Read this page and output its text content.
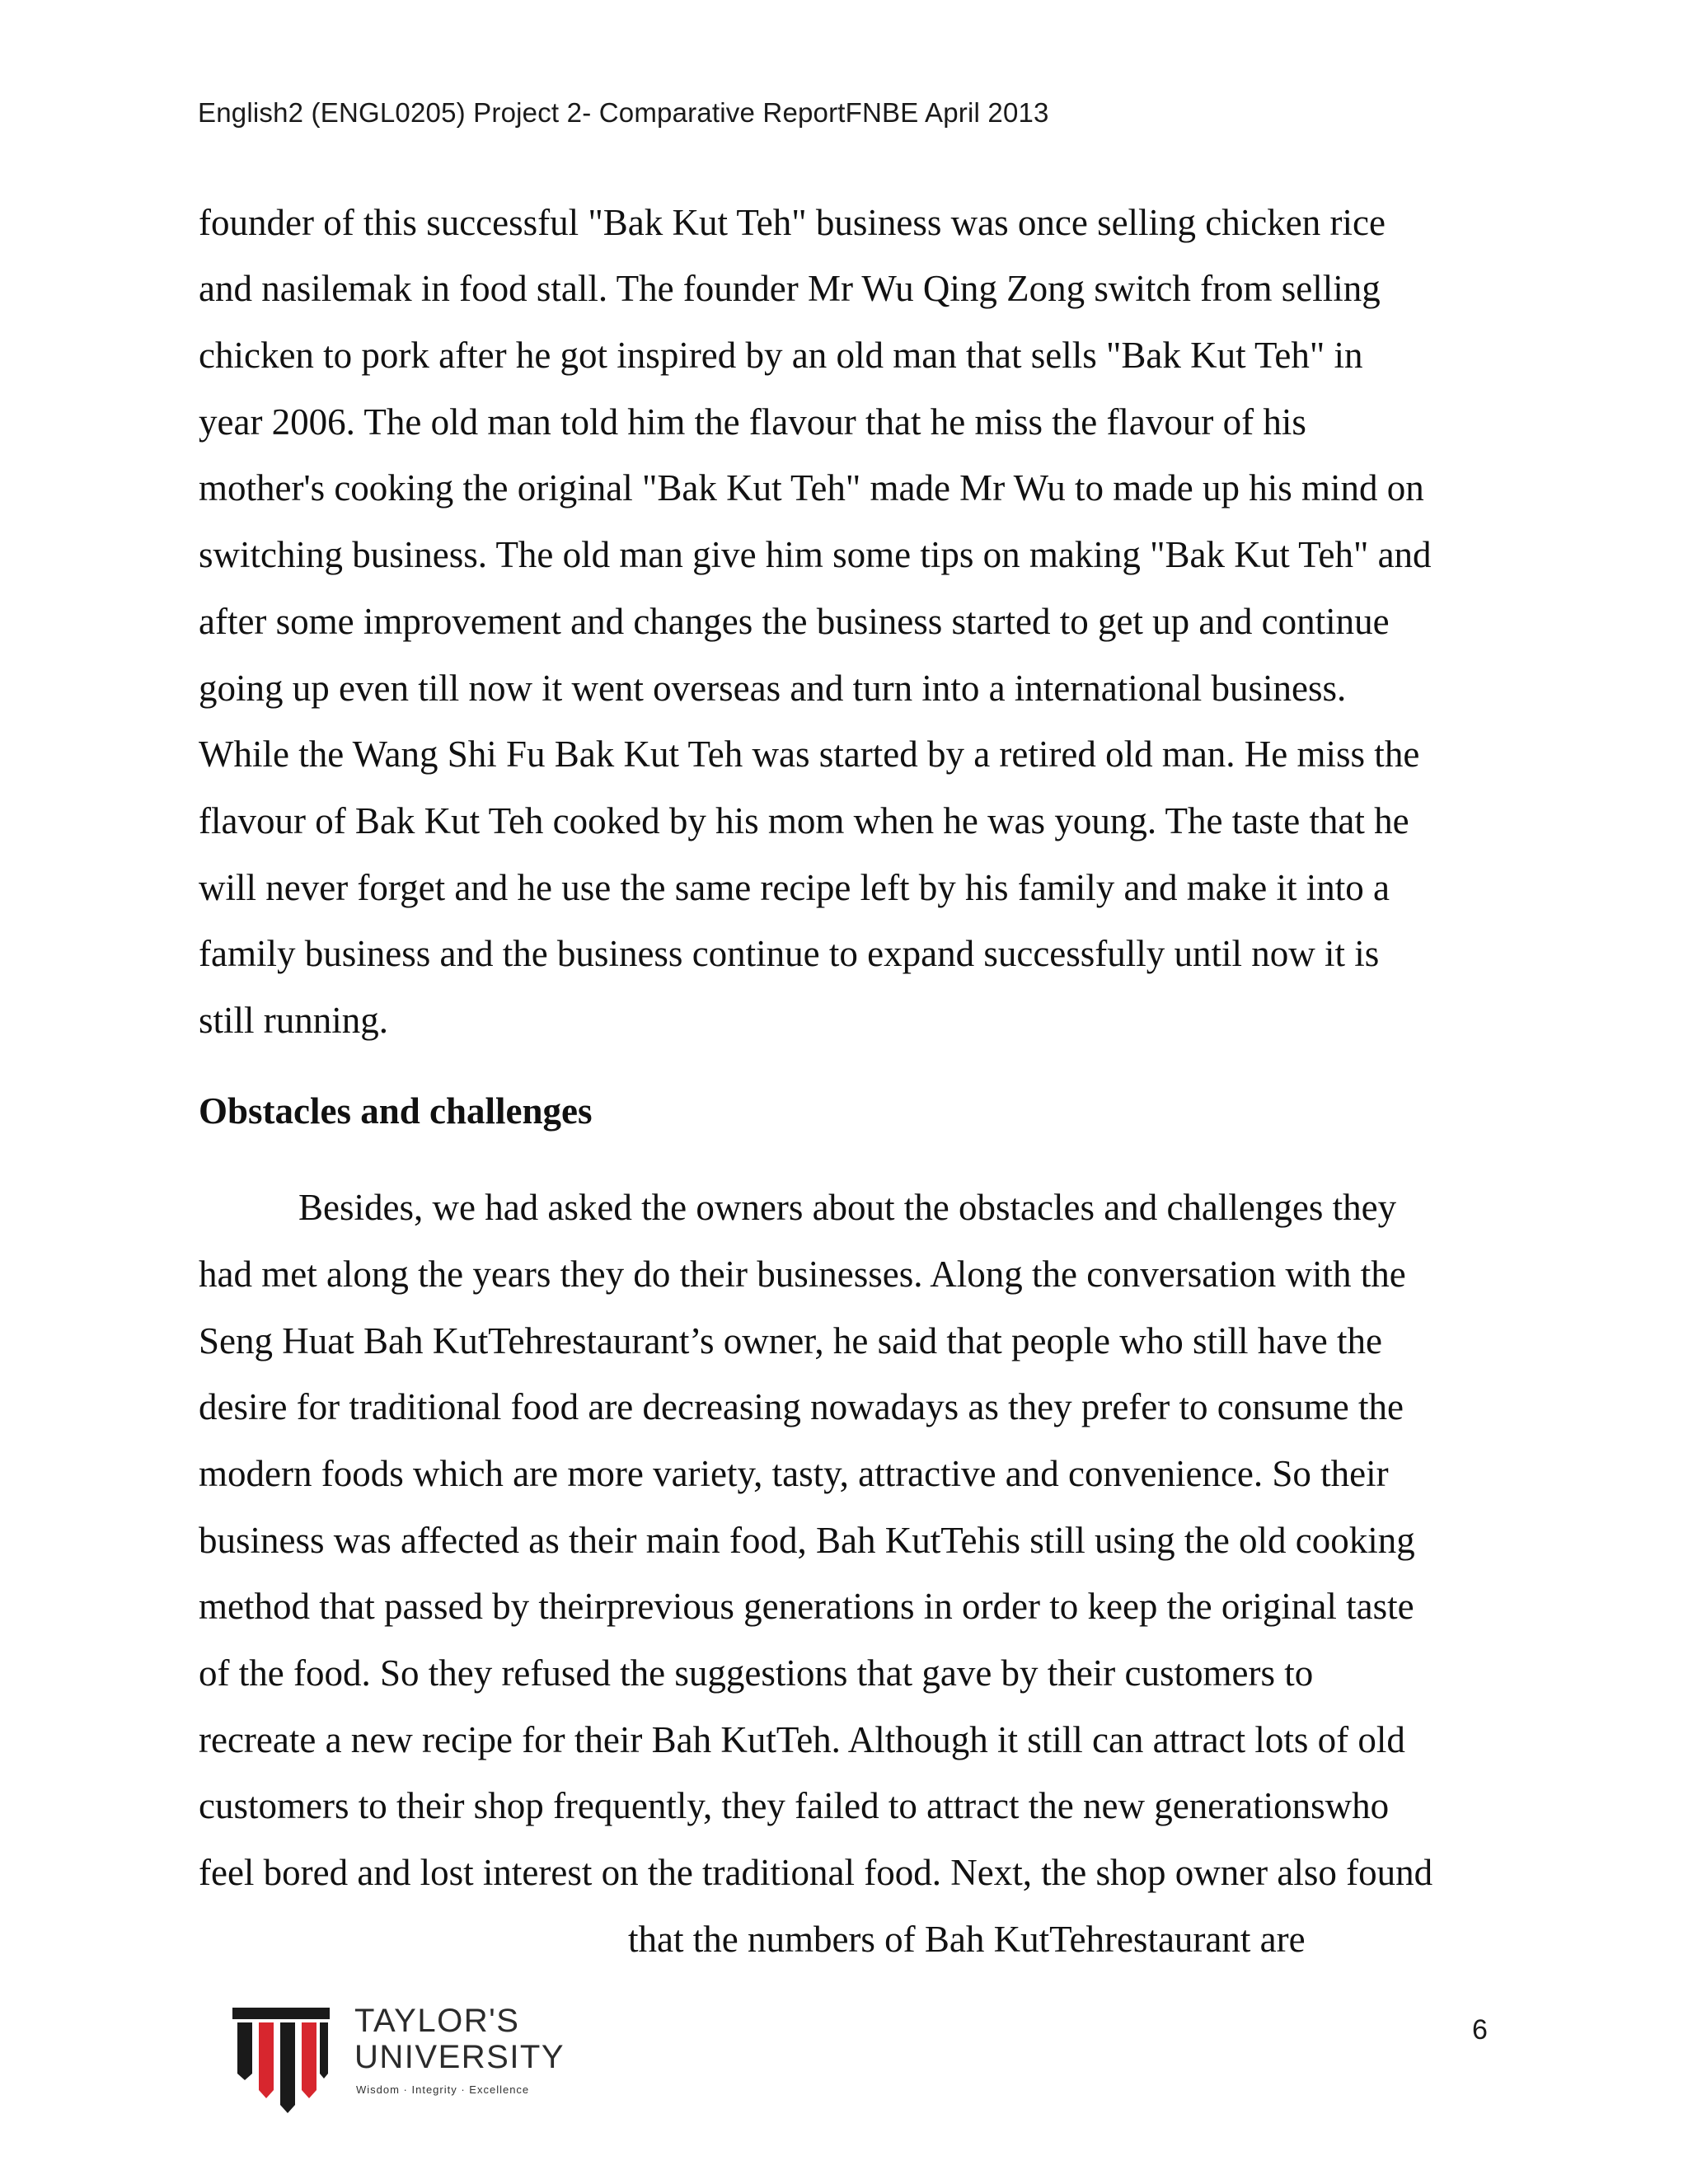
English2 (ENGL0205) Project 2- Comparative ReportFNBE April 2013
founder of this successful "Bak Kut Teh" business was once selling chicken rice
and nasilemak in food stall. The founder Mr Wu Qing Zong switch from selling
chicken to pork after he got inspired by an old man that sells "Bak Kut Teh" in
year 2006. The old man told him the flavour that he miss the flavour of his
mother's cooking the original "Bak Kut Teh" made Mr Wu to made up his mind on
switching business. The old man give him some tips on making "Bak Kut Teh" and
after some improvement and changes the business started to get up and continue
going up even till now it went overseas and turn into a international business.
While the Wang Shi Fu Bak Kut Teh was started by a retired old man. He miss the
flavour of Bak Kut Teh cooked by his mom when he was young. The taste that he
will never forget and he use the same recipe left by his family and make it into a
family business and the business continue to expand successfully until now it is
still running.
Obstacles and challenges
Besides, we had asked the owners about the obstacles and challenges they
had met along the years they do their businesses. Along the conversation with the
Seng Huat Bah KutTehrestaurant’s owner, he said that people who still have the
desire for traditional food are decreasing nowadays as they prefer to consume the
modern foods which are more variety, tasty, attractive and convenience. So their
business was affected as their main food, Bah KutTehis still using the old cooking
method that passed by theirprevious generations in order to keep the original taste
of the food. So they refused the suggestions that gave by their customers to
recreate a new recipe for their Bah KutTeh. Although it still can attract lots of old
customers to their shop frequently, they failed to attract the new generationswho
feel bored and lost interest on the traditional food. Next, the shop owner also found
that the numbers of Bah KutTehrestaurant are
TAYLOR'S
UNIVERSITY
Wisdom · Integrity · Excellence
6
